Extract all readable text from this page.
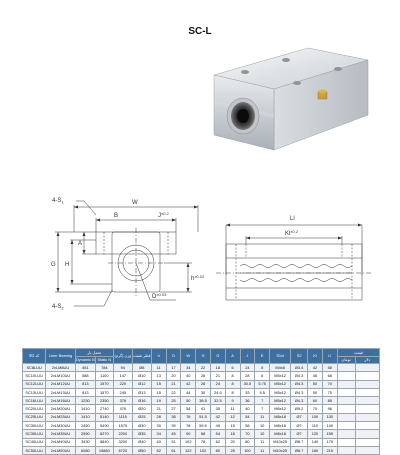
SC-L
$4-S_1$
$4-S_2$
W
B	$J^{\pm 0.2}$
A
H
G
$h^{\pm 0.02}$
$D^{\pm 0.03}$
Ll
$Kl^{\pm 0.2}$
کد کالا	Liner Bearing	تحمل بار		وزن (گرم)	قطر شفت	h	D	W	H	G	A	J	E	S1xl	S2	Kl	Ll	قیمت	
		Dynamic N	Static N															تومان	دلار
SC8LUU	2xLM8UU	451	784	94	Ø8	11	17	34	22	18	6	24	5	M4x8	Ø3.4	42	58		
SC10LUU	2xLM10UU	588	1100	147	Ø10	13	20	40	26	21	8	28	6	M5x12	Ø4.3	46	68		
SC12LUU	2xLM12UU	813	1570	220	Ø12	15	21	42	28	24	8	30.5	5.75	M5x12	Ø4.3	50	70		
SC13LUU	2xLM13UU	813	1570	245	Ø13	15	22	44	30	24.5	8	33	5.5	M5x12	Ø4.3	50	75		
SC16LUU	2xLM16UU	1230	2350	376	Ø16	19	25	50	38.5	32.5	9	36	7	M5x12	Ø4.3	60	85		
SC20LUU	2xLM20UU	1410	2740	476	Ø20	21	27	54	41	35	11	40	7	M6x12	Ø5.2	70	96		
SC25LUU	2xLM25UU	1410	5140	1115	Ø25	26	38	76	51.5	42	12	54	11	M8x18	Ø7	100	130		
SC30LUU	2xLM30UU	2450	5490	1575	Ø30	30	39	78	59.5	49	15	58	10	M8x18	Ø7	110	140		
SC35LUU	2xLM35UU	2950	6270	2200	Ø35	34	45	90	68	54	18	70	10	M8x18	Ø7	120	155		
SC40LUU	2xLM40UU	3430	8840	3200	Ø40	40	51	102	78	62	20	80	11	M10x25	Ø8.7	140	175		
SC50LUU	2xLM50UU	6080	15880	6720	Ø50	52	61	122	102	80	25	100	11	M10x25	Ø8.7	160	215		
